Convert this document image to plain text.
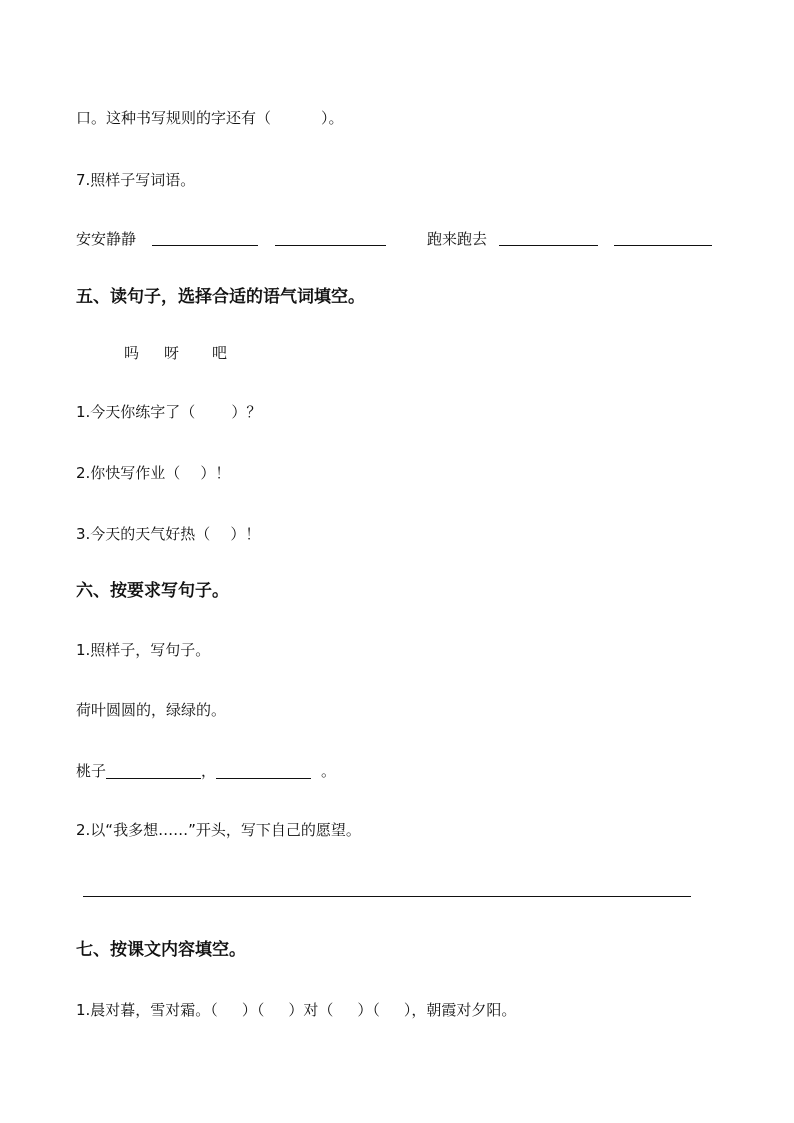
口。这种书写规则的字还有（	）。
7.照样子写词语。
安安静静	跑来跑去
五、读句子，选择合适的语气词填空。
吗 呀 吧
1.今天你练字了（ ）？
2.你快写作业（ ）！
3.今天的天气好热（ ）！
六、按要求写句子。
1.照样子，写句子。
荷叶圆圆的，绿绿的。
桃子	，	。
2.以“我多想……”开头，写下自己的愿望。
七、按课文内容填空。
1.晨对暮，雪对霜。（ ）（ ）对（ ）（ ），朝霞对夕阳。
